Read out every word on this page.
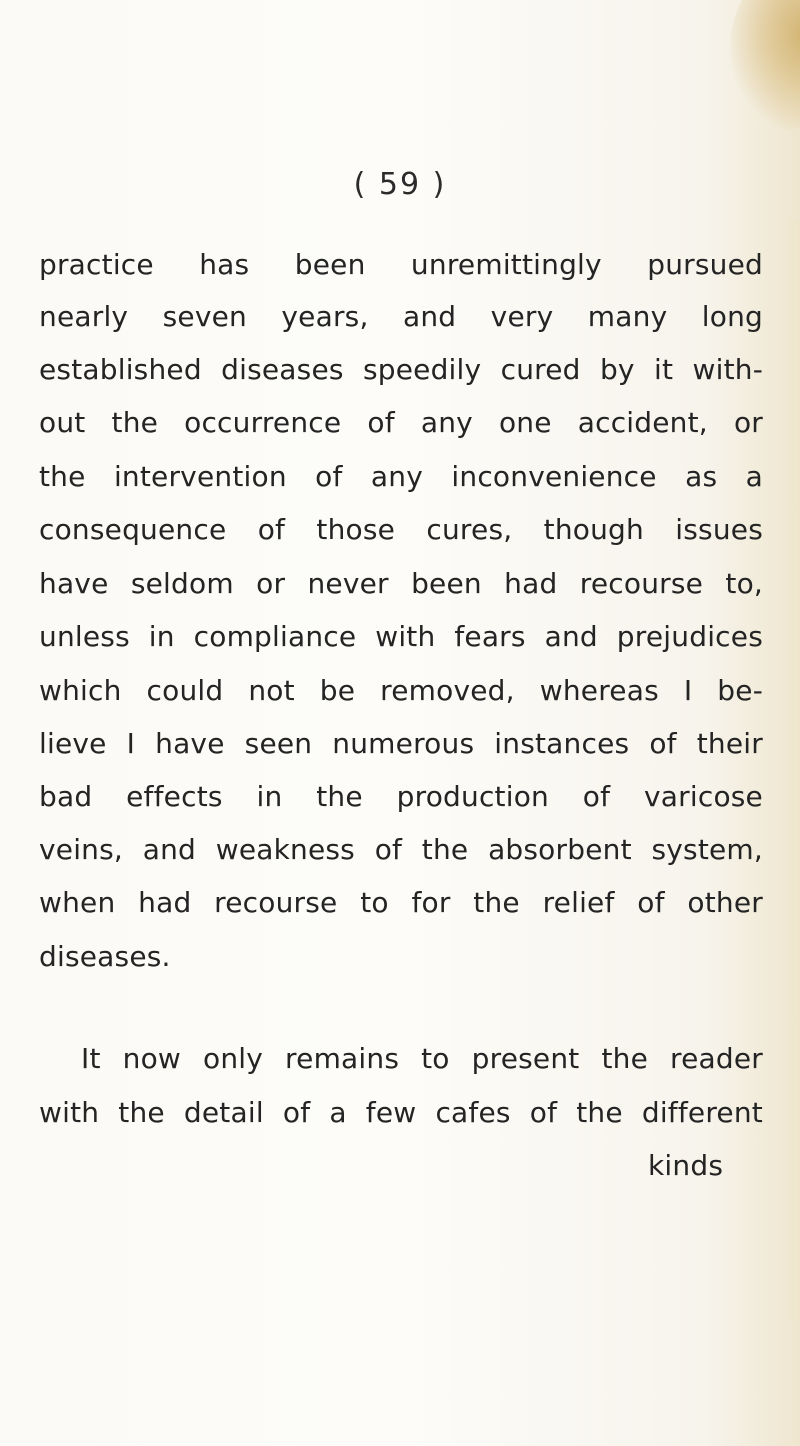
( 59 )
practice has been unremittingly pursued
nearly seven years, and very many long
established diseases speedily cured by it with-
out the occurrence of any one accident, or
the intervention of any inconvenience as a
consequence of those cures, though issues
have seldom or never been had recourse to,
unless in compliance with fears and prejudices
which could not be removed, whereas I be-
lieve I have seen numerous instances of their
bad effects in the production of varicose
veins, and weakness of the absorbent system,
when had recourse to for the relief of other
diseases.
It now only remains to present the reader
with the detail of a few cafes of the different
kinds
